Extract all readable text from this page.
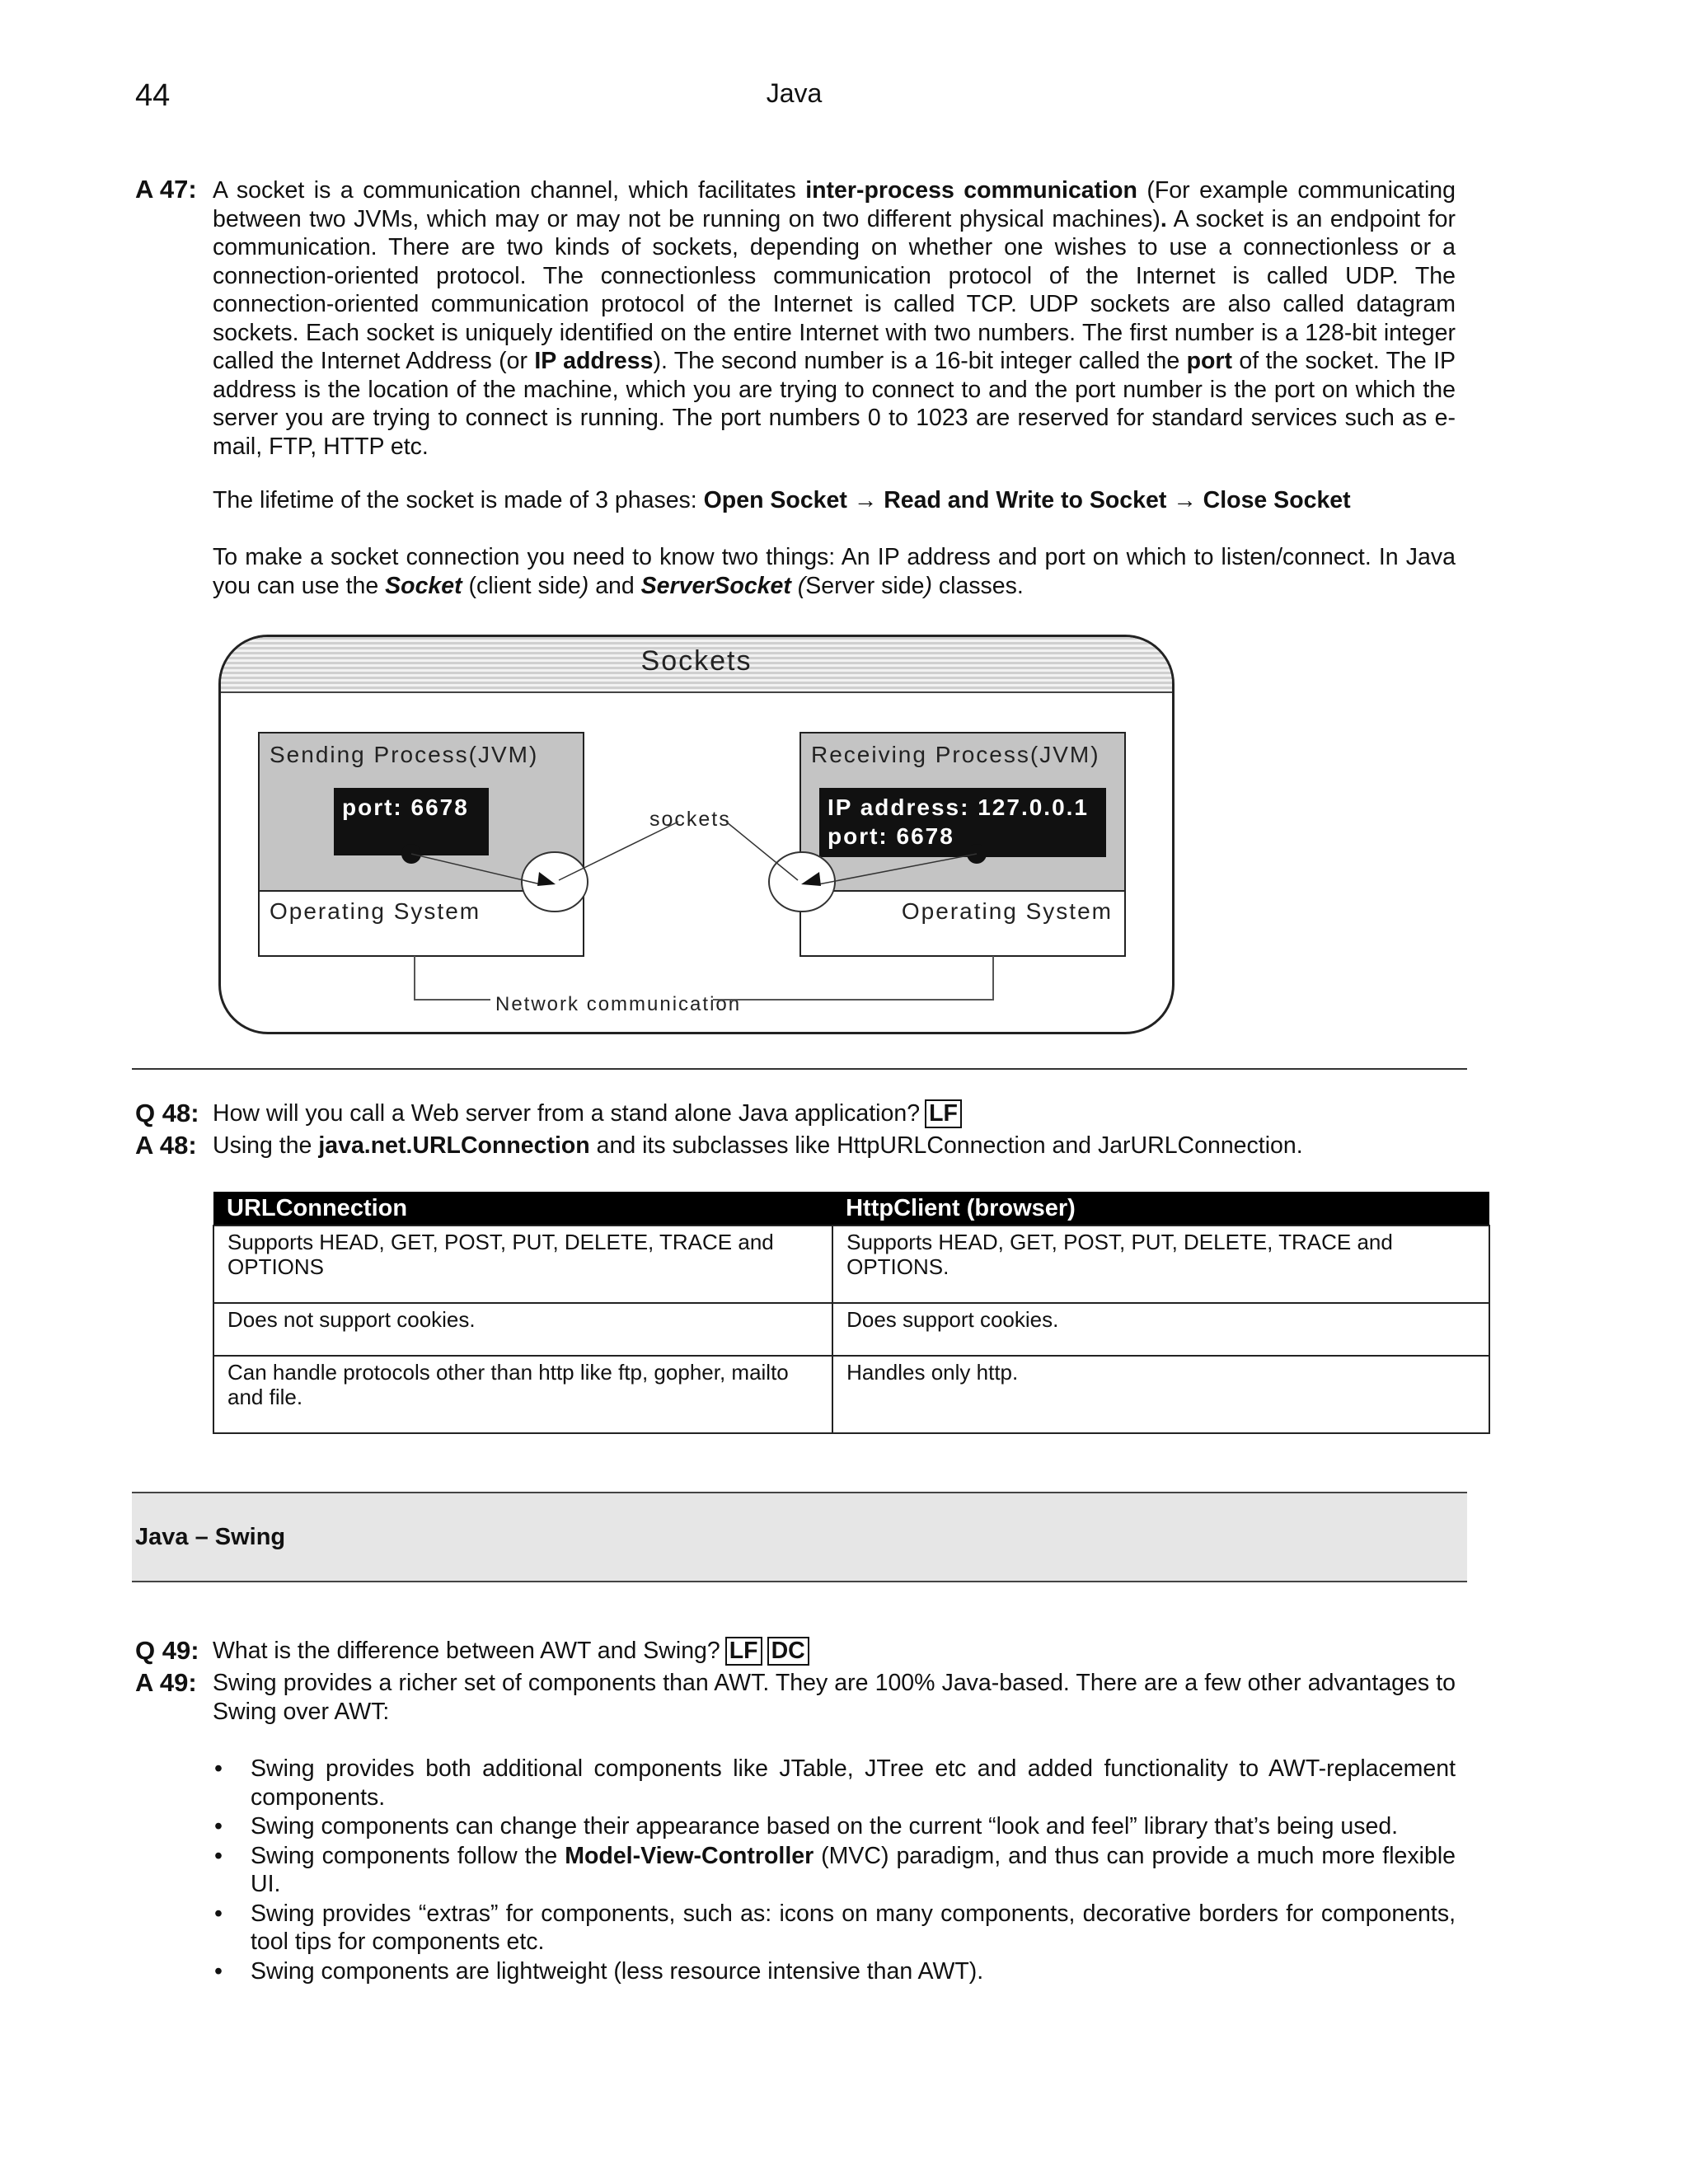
44	Java
A 47: A socket is a communication channel, which facilitates inter-process communication (For example communicating between two JVMs, which may or may not be running on two different physical machines). A socket is an endpoint for communication. There are two kinds of sockets, depending on whether one wishes to use a connectionless or a connection-oriented protocol. The connectionless communication protocol of the Internet is called UDP. The connection-oriented communication protocol of the Internet is called TCP. UDP sockets are also called datagram sockets. Each socket is uniquely identified on the entire Internet with two numbers. The first number is a 128-bit integer called the Internet Address (or IP address). The second number is a 16-bit integer called the port of the socket. The IP address is the location of the machine, which you are trying to connect to and the port number is the port on which the server you are trying to connect is running. The port numbers 0 to 1023 are reserved for standard services such as e-mail, FTP, HTTP etc.
The lifetime of the socket is made of 3 phases: Open Socket → Read and Write to Socket → Close Socket
To make a socket connection you need to know two things: An IP address and port on which to listen/connect. In Java you can use the Socket (client side) and ServerSocket (Server side) classes.
Sockets
Sending Process(JVM)
port: 6678
Operating System
Receiving Process(JVM)
IP address: 127.0.0.1
port: 6678
Operating System
sockets
Network communication
Q 48: How will you call a Web server from a stand alone Java application? LF
A 48: Using the java.net.URLConnection and its subclasses like HttpURLConnection and JarURLConnection.
URLConnection	HttpClient (browser)
Supports HEAD, GET, POST, PUT, DELETE, TRACE and OPTIONS	Supports HEAD, GET, POST, PUT, DELETE, TRACE and OPTIONS.
Does not support cookies.	Does support cookies.
Can handle protocols other than http like ftp, gopher, mailto and file.	Handles only http.
Java – Swing
Q 49: What is the difference between AWT and Swing? LF DC
A 49: Swing provides a richer set of components than AWT. They are 100% Java-based. There are a few other advantages to Swing over AWT:
• Swing provides both additional components like JTable, JTree etc and added functionality to AWT-replacement components.
• Swing components can change their appearance based on the current “look and feel” library that’s being used.
• Swing components follow the Model-View-Controller (MVC) paradigm, and thus can provide a much more flexible UI.
• Swing provides “extras” for components, such as: icons on many components, decorative borders for components, tool tips for components etc.
• Swing components are lightweight (less resource intensive than AWT).
